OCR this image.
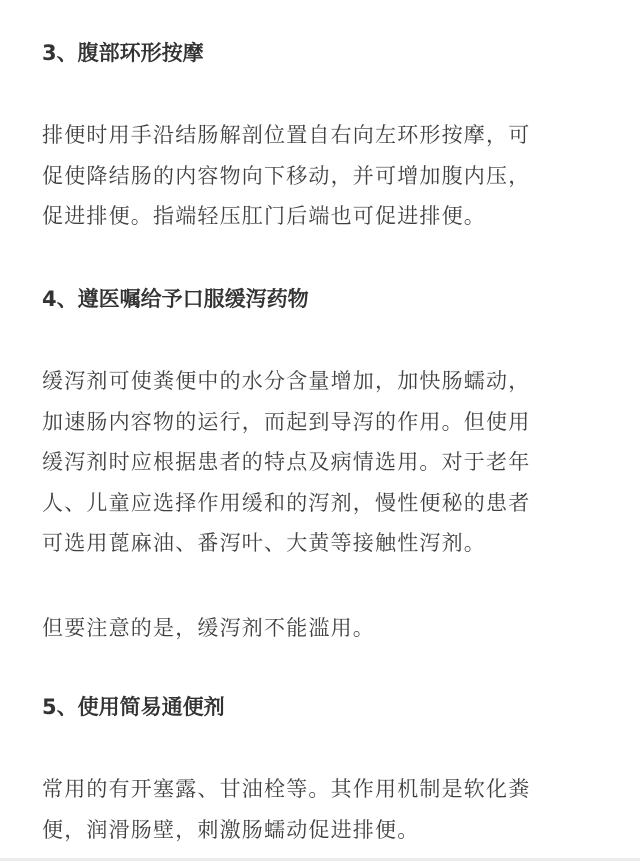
3、腹部环形按摩
排便时用手沿结肠解剖位置自右向左环形按摩，可
促使降结肠的内容物向下移动，并可增加腹内压，
促进排便。指端轻压肛门后端也可促进排便。
4、遵医嘱给予口服缓泻药物
缓泻剂可使粪便中的水分含量增加，加快肠蠕动，
加速肠内容物的运行，而起到导泻的作用。但使用
缓泻剂时应根据患者的特点及病情选用。对于老年
人、儿童应选择作用缓和的泻剂，慢性便秘的患者
可选用蓖麻油、番泻叶、大黄等接触性泻剂。
但要注意的是，缓泻剂不能滥用。
5、使用简易通便剂
常用的有开塞露、甘油栓等。其作用机制是软化粪
便，润滑肠壁，刺激肠蠕动促进排便。
